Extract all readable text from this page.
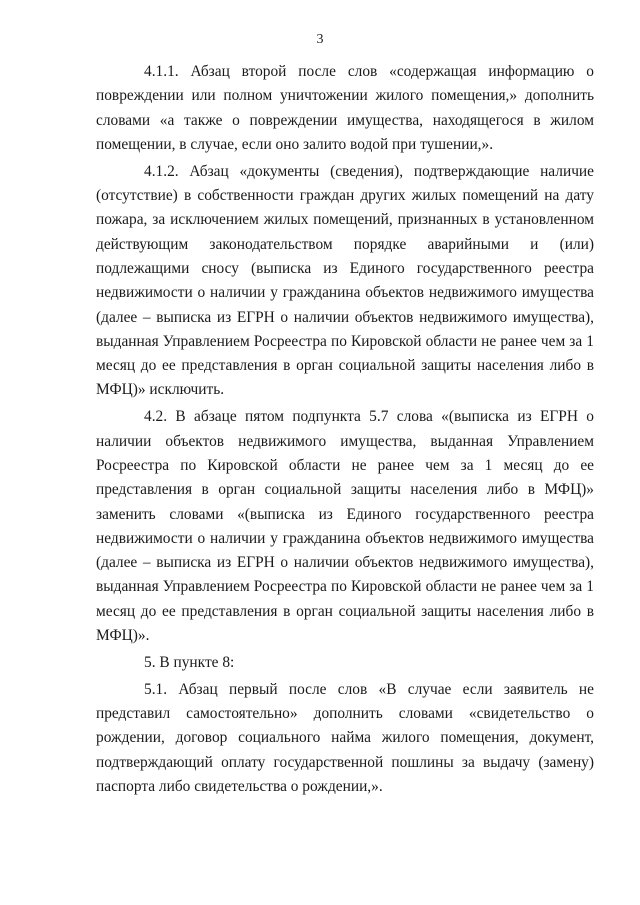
3

4.1.1. Абзац второй после слов «содержащая информацию о повреждении или полном уничтожении жилого помещения,» дополнить словами «а также о повреждении имущества, находящегося в жилом помещении, в случае, если оно залито водой при тушении,».

4.1.2. Абзац «документы (сведения), подтверждающие наличие (отсутствие) в собственности граждан других жилых помещений на дату пожара, за исключением жилых помещений, признанных в установленном действующим законодательством порядке аварийными и (или) подлежащими сносу (выписка из Единого государственного реестра недвижимости о наличии у гражданина объектов недвижимого имущества (далее – выписка из ЕГРН о наличии объектов недвижимого имущества), выданная Управлением Росреестра по Кировской области не ранее чем за 1 месяц до ее представления в орган социальной защиты населения либо в МФЦ)» исключить.

4.2. В абзаце пятом подпункта 5.7 слова «(выписка из ЕГРН о наличии объектов недвижимого имущества, выданная Управлением Росреестра по Кировской области не ранее чем за 1 месяц до ее представления в орган социальной защиты населения либо в МФЦ)» заменить словами «(выписка из Единого государственного реестра недвижимости о наличии у гражданина объектов недвижимого имущества (далее – выписка из ЕГРН о наличии объектов недвижимого имущества), выданная Управлением Росреестра по Кировской области не ранее чем за 1 месяц до ее представления в орган социальной защиты населения либо в МФЦ)».

5. В пункте 8:

5.1. Абзац первый после слов «В случае если заявитель не представил самостоятельно» дополнить словами «свидетельство о рождении, договор социального найма жилого помещения, документ, подтверждающий оплату государственной пошлины за выдачу (замену) паспорта либо свидетельства о рождении,».
